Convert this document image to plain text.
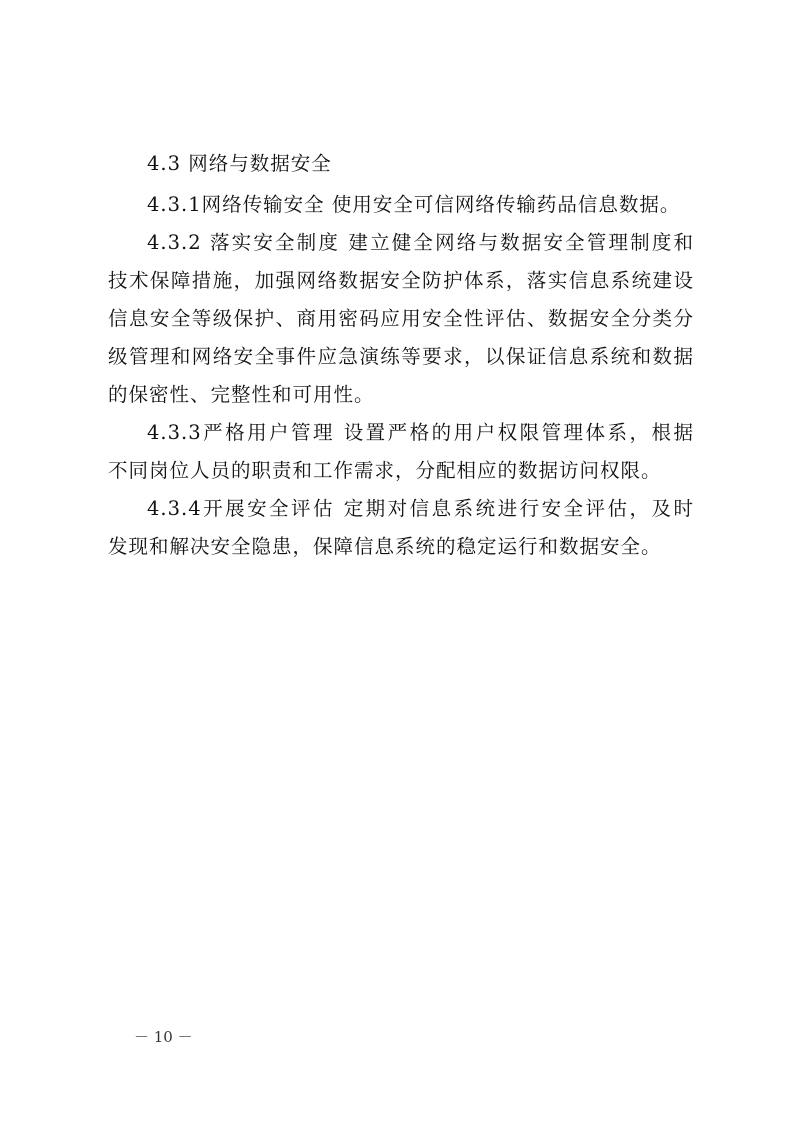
4.3 网络与数据安全

4.3.1网络传输安全 使用安全可信网络传输药品信息数据。

4.3.2 落实安全制度 建立健全网络与数据安全管理制度和
技术保障措施，加强网络数据安全防护体系，落实信息系统建设
信息安全等级保护、商用密码应用安全性评估、数据安全分类分
级管理和网络安全事件应急演练等要求，以保证信息系统和数据
的保密性、完整性和可用性。

4.3.3严格用户管理 设置严格的用户权限管理体系，根据
不同岗位人员的职责和工作需求，分配相应的数据访问权限。

4.3.4开展安全评估 定期对信息系统进行安全评估，及时
发现和解决安全隐患，保障信息系统的稳定运行和数据安全。

－ 10 －
